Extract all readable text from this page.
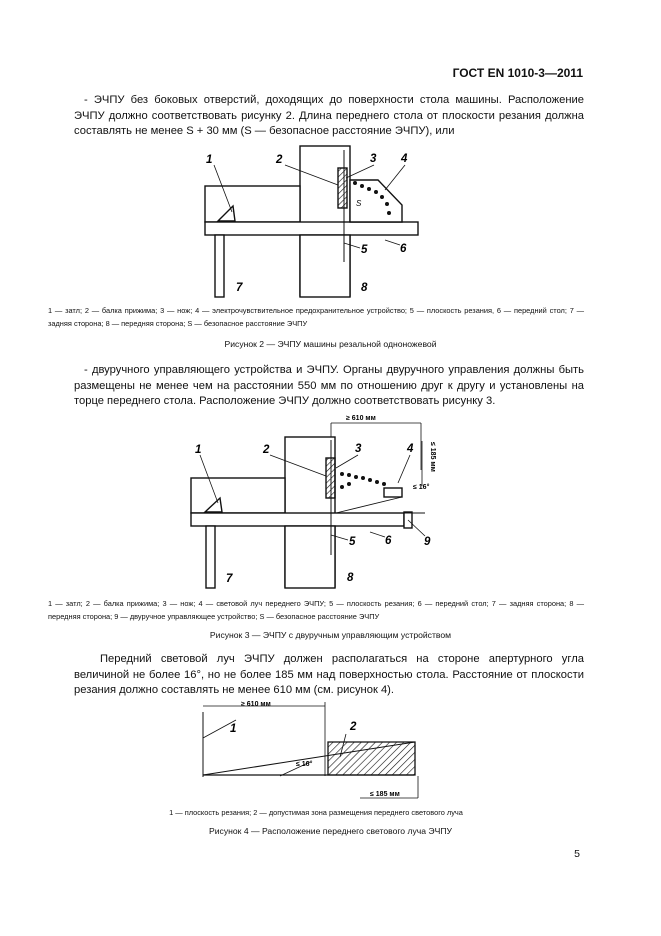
ГОСТ EN 1010-3—2011

- ЭЧПУ без боковых отверстий, доходящих до поверхности стола машины. Расположение ЭЧПУ должно соответствовать рисунку 2. Длина переднего стола от плоскости резания должна составлять не менее S + 30 мм (S — безопасное расстояние ЭЧПУ), или

1	2	3 4
5	6
7	8
S

1 — затл; 2 — балка прижима; 3 — нож; 4 — электрочувствительное предохранительное устройство; 5 — плоскость резания, 6 — передний стол; 7 — задняя сторона; 8 — передняя сторона; S — безопасное расстояние ЭЧПУ

Рисунок 2 — ЭЧПУ машины резальной одноножевой

- двуручного управляющего устройства и ЭЧПУ. Органы двуручного управления должны быть размещены не менее чем на расстоянии 550 мм по отношению друг к другу и установлены на торце переднего стола. Расположение ЭЧПУ должно соответствовать рисунку 3.

1	2	3	4
5	6
7	8
9
≥ 610 мм
≤ 16°
≤ 185 мм

1 — затл; 2 — балка прижима; 3 — нож; 4 — световой луч переднего ЭЧПУ; 5 — плоскость резания; 6 — передний стол; 7 — задняя сторона; 8 — передняя сторона; 9 — двуручное управляющее устройство; S — безопасное расстояние ЭЧПУ

Рисунок 3 — ЭЧПУ с двуручным управляющим устройством

Передний световой луч ЭЧПУ должен располагаться на стороне апертурного угла величиной не более 16°, но не более 185 мм над поверхностью стола. Расстояние от плоскости резания должно составлять не менее 610 мм (см. рисунок 4).

1	2
≥ 610 мм
≤ 16°
≤ 185 мм

1 — плоскость резания; 2 — допустимая зона размещения переднего светового луча

Рисунок 4 — Расположение переднего светового луча ЭЧПУ
5
